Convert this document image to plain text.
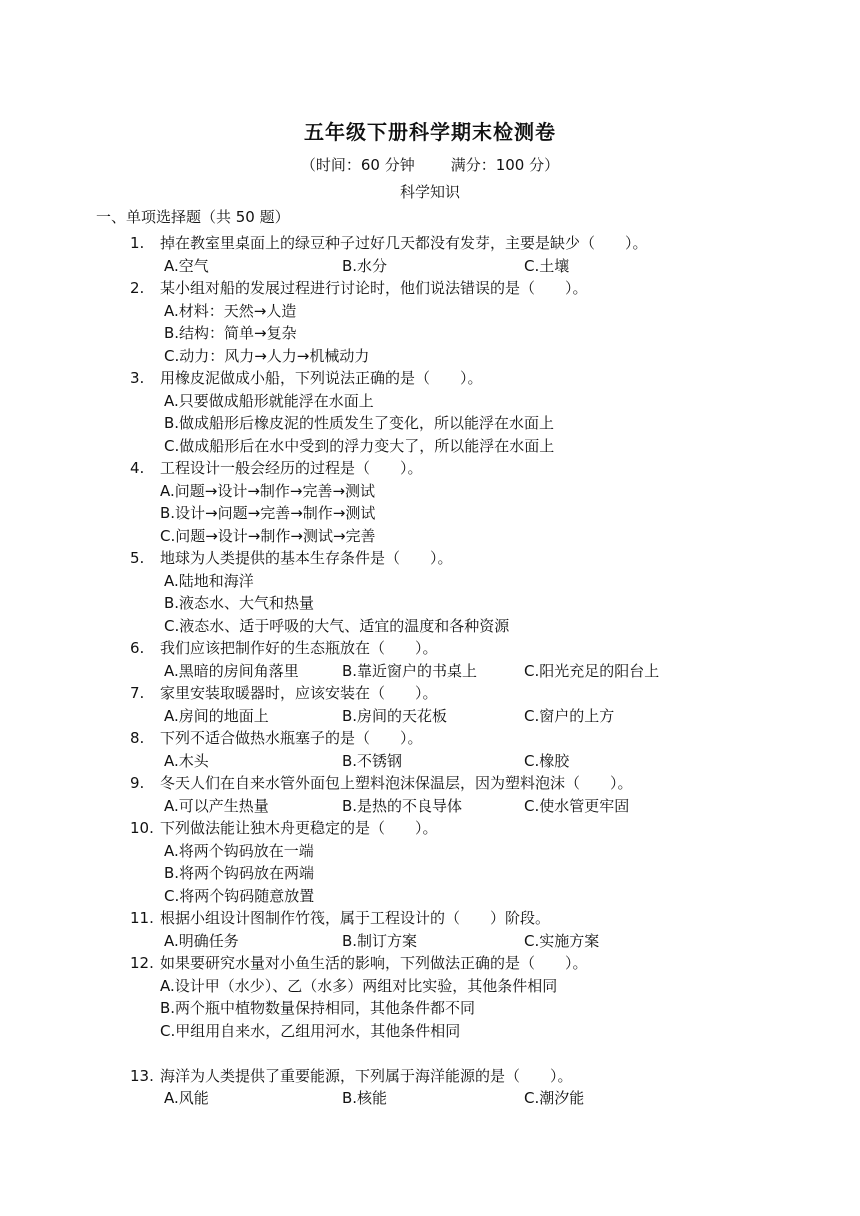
五年级下册科学期末检测卷
（时间：60 分钟 满分：100 分）
科学知识
一、单项选择题（共 50 题）
1. 掉在教室里桌面上的绿豆种子过好几天都没有发芽，主要是缺少（　　）。
A.空气	B.水分	C.土壤
2. 某小组对船的发展过程进行讨论时，他们说法错误的是（　　）。
A.材料：天然→人造
B.结构：简单→复杂
C.动力：风力→人力→机械动力
3. 用橡皮泥做成小船，下列说法正确的是（　　）。
A.只要做成船形就能浮在水面上
B.做成船形后橡皮泥的性质发生了变化，所以能浮在水面上
C.做成船形后在水中受到的浮力变大了，所以能浮在水面上
4. 工程设计一般会经历的过程是（　　）。
A.问题→设计→制作→完善→测试
B.设计→问题→完善→制作→测试
C.问题→设计→制作→测试→完善
5. 地球为人类提供的基本生存条件是（　　）。
A.陆地和海洋
B.液态水、大气和热量
C.液态水、适于呼吸的大气、适宜的温度和各种资源
6. 我们应该把制作好的生态瓶放在（　　）。
A.黑暗的房间角落里	B.靠近窗户的书桌上	C.阳光充足的阳台上
7. 家里安装取暖器时，应该安装在（　　）。
A.房间的地面上	B.房间的天花板	C.窗户的上方
8. 下列不适合做热水瓶塞子的是（　　）。
A.木头	B.不锈钢	C.橡胶
9. 冬天人们在自来水管外面包上塑料泡沫保温层，因为塑料泡沫（　　）。
A.可以产生热量	B.是热的不良导体	C.使水管更牢固
10. 下列做法能让独木舟更稳定的是（　　）。
A.将两个钩码放在一端
B.将两个钩码放在两端
C.将两个钩码随意放置
11. 根据小组设计图制作竹筏，属于工程设计的（　　）阶段。
A.明确任务	B.制订方案	C.实施方案
12. 如果要研究水量对小鱼生活的影响，下列做法正确的是（　　）。
A.设计甲（水少）、乙（水多）两组对比实验，其他条件相同
B.两个瓶中植物数量保持相同，其他条件都不同
C.甲组用自来水，乙组用河水，其他条件相同
13. 海洋为人类提供了重要能源，下列属于海洋能源的是（　　）。
A.风能	B.核能	C.潮汐能
